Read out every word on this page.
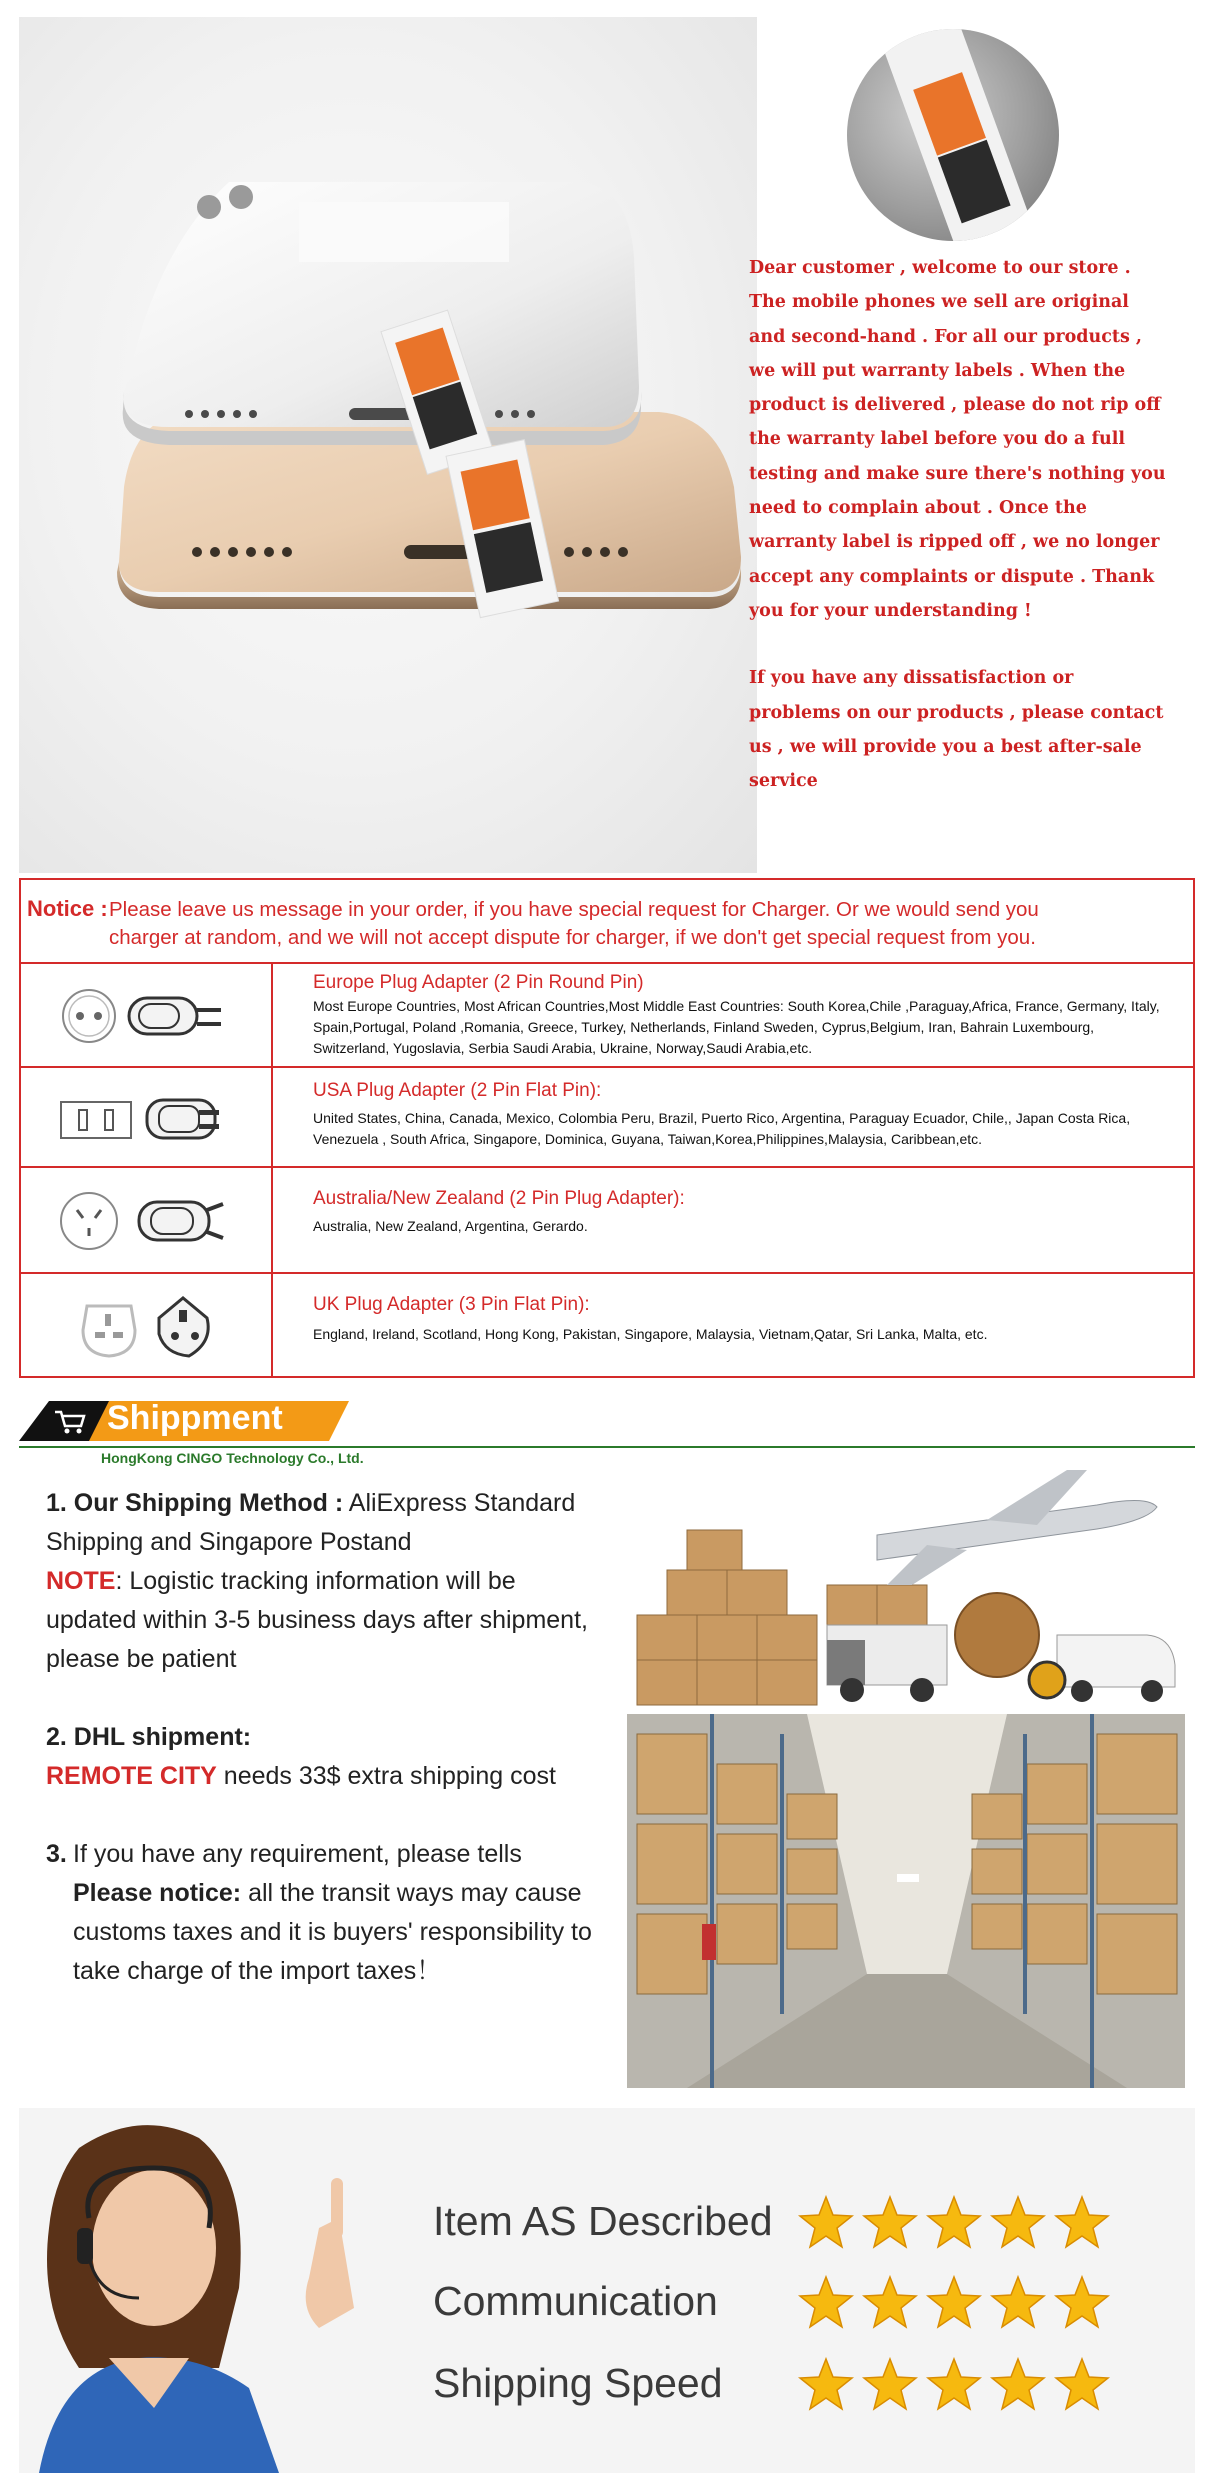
Dear customer , welcome to our store . The mobile phones we sell are original and second-hand . For all our products , we will put warranty labels . When the product is delivered , please do not rip off the warranty label before you do a full testing and make sure there's nothing you need to complain about . Once the warranty label is ripped off , we no longer accept any complaints or dispute . Thank you for your understanding !

If you have any dissatisfaction or problems on our products , please contact us , we will provide you a best after-sale service

Notice : Please leave us message in your order, if you have special request for Charger. Or we would send you
charger at random, and we will not accept dispute for charger, if we don't get special request from you.
Europe Plug Adapter (2 Pin Round Pin)
Most Europe Countries, Most African Countries,Most Middle East Countries: South Korea,Chile ,Paraguay,Africa, France, Germany, Italy, Spain,Portugal, Poland ,Romania, Greece, Turkey, Netherlands, Finland Sweden, Cyprus,Belgium, Iran, Bahrain Luxembourg, Switzerland, Yugoslavia, Serbia Saudi Arabia, Ukraine, Norway,Saudi Arabia,etc.
USA Plug Adapter (2 Pin Flat Pin):
United States, China, Canada, Mexico, Colombia Peru, Brazil, Puerto Rico, Argentina, Paraguay Ecuador, Chile,, Japan Costa Rica, Venezuela , South Africa, Singapore, Dominica, Guyana, Taiwan,Korea,Philippines,Malaysia, Caribbean,etc.
Australia/New Zealand (2 Pin Plug Adapter):
Australia, New Zealand, Argentina, Gerardo.
UK Plug Adapter (3 Pin Flat Pin):
England, Ireland, Scotland, Hong Kong, Pakistan, Singapore, Malaysia, Vietnam,Qatar, Sri Lanka, Malta, etc.
Shippment
HongKong CINGO Technology Co., Ltd.
1. Our Shipping Method : AliExpress Standard Shipping and Singapore Postand
NOTE: Logistic tracking information will be updated within 3-5 business days after shipment, please be patient
2. DHL shipment:
REMOTE CITY needs 33$ extra shipping cost
3. If you have any requirement, please tells
Please notice: all the transit ways may cause customs taxes and it is buyers' responsibility to take charge of the import taxes！
Item AS Described
Communication
Shipping Speed
